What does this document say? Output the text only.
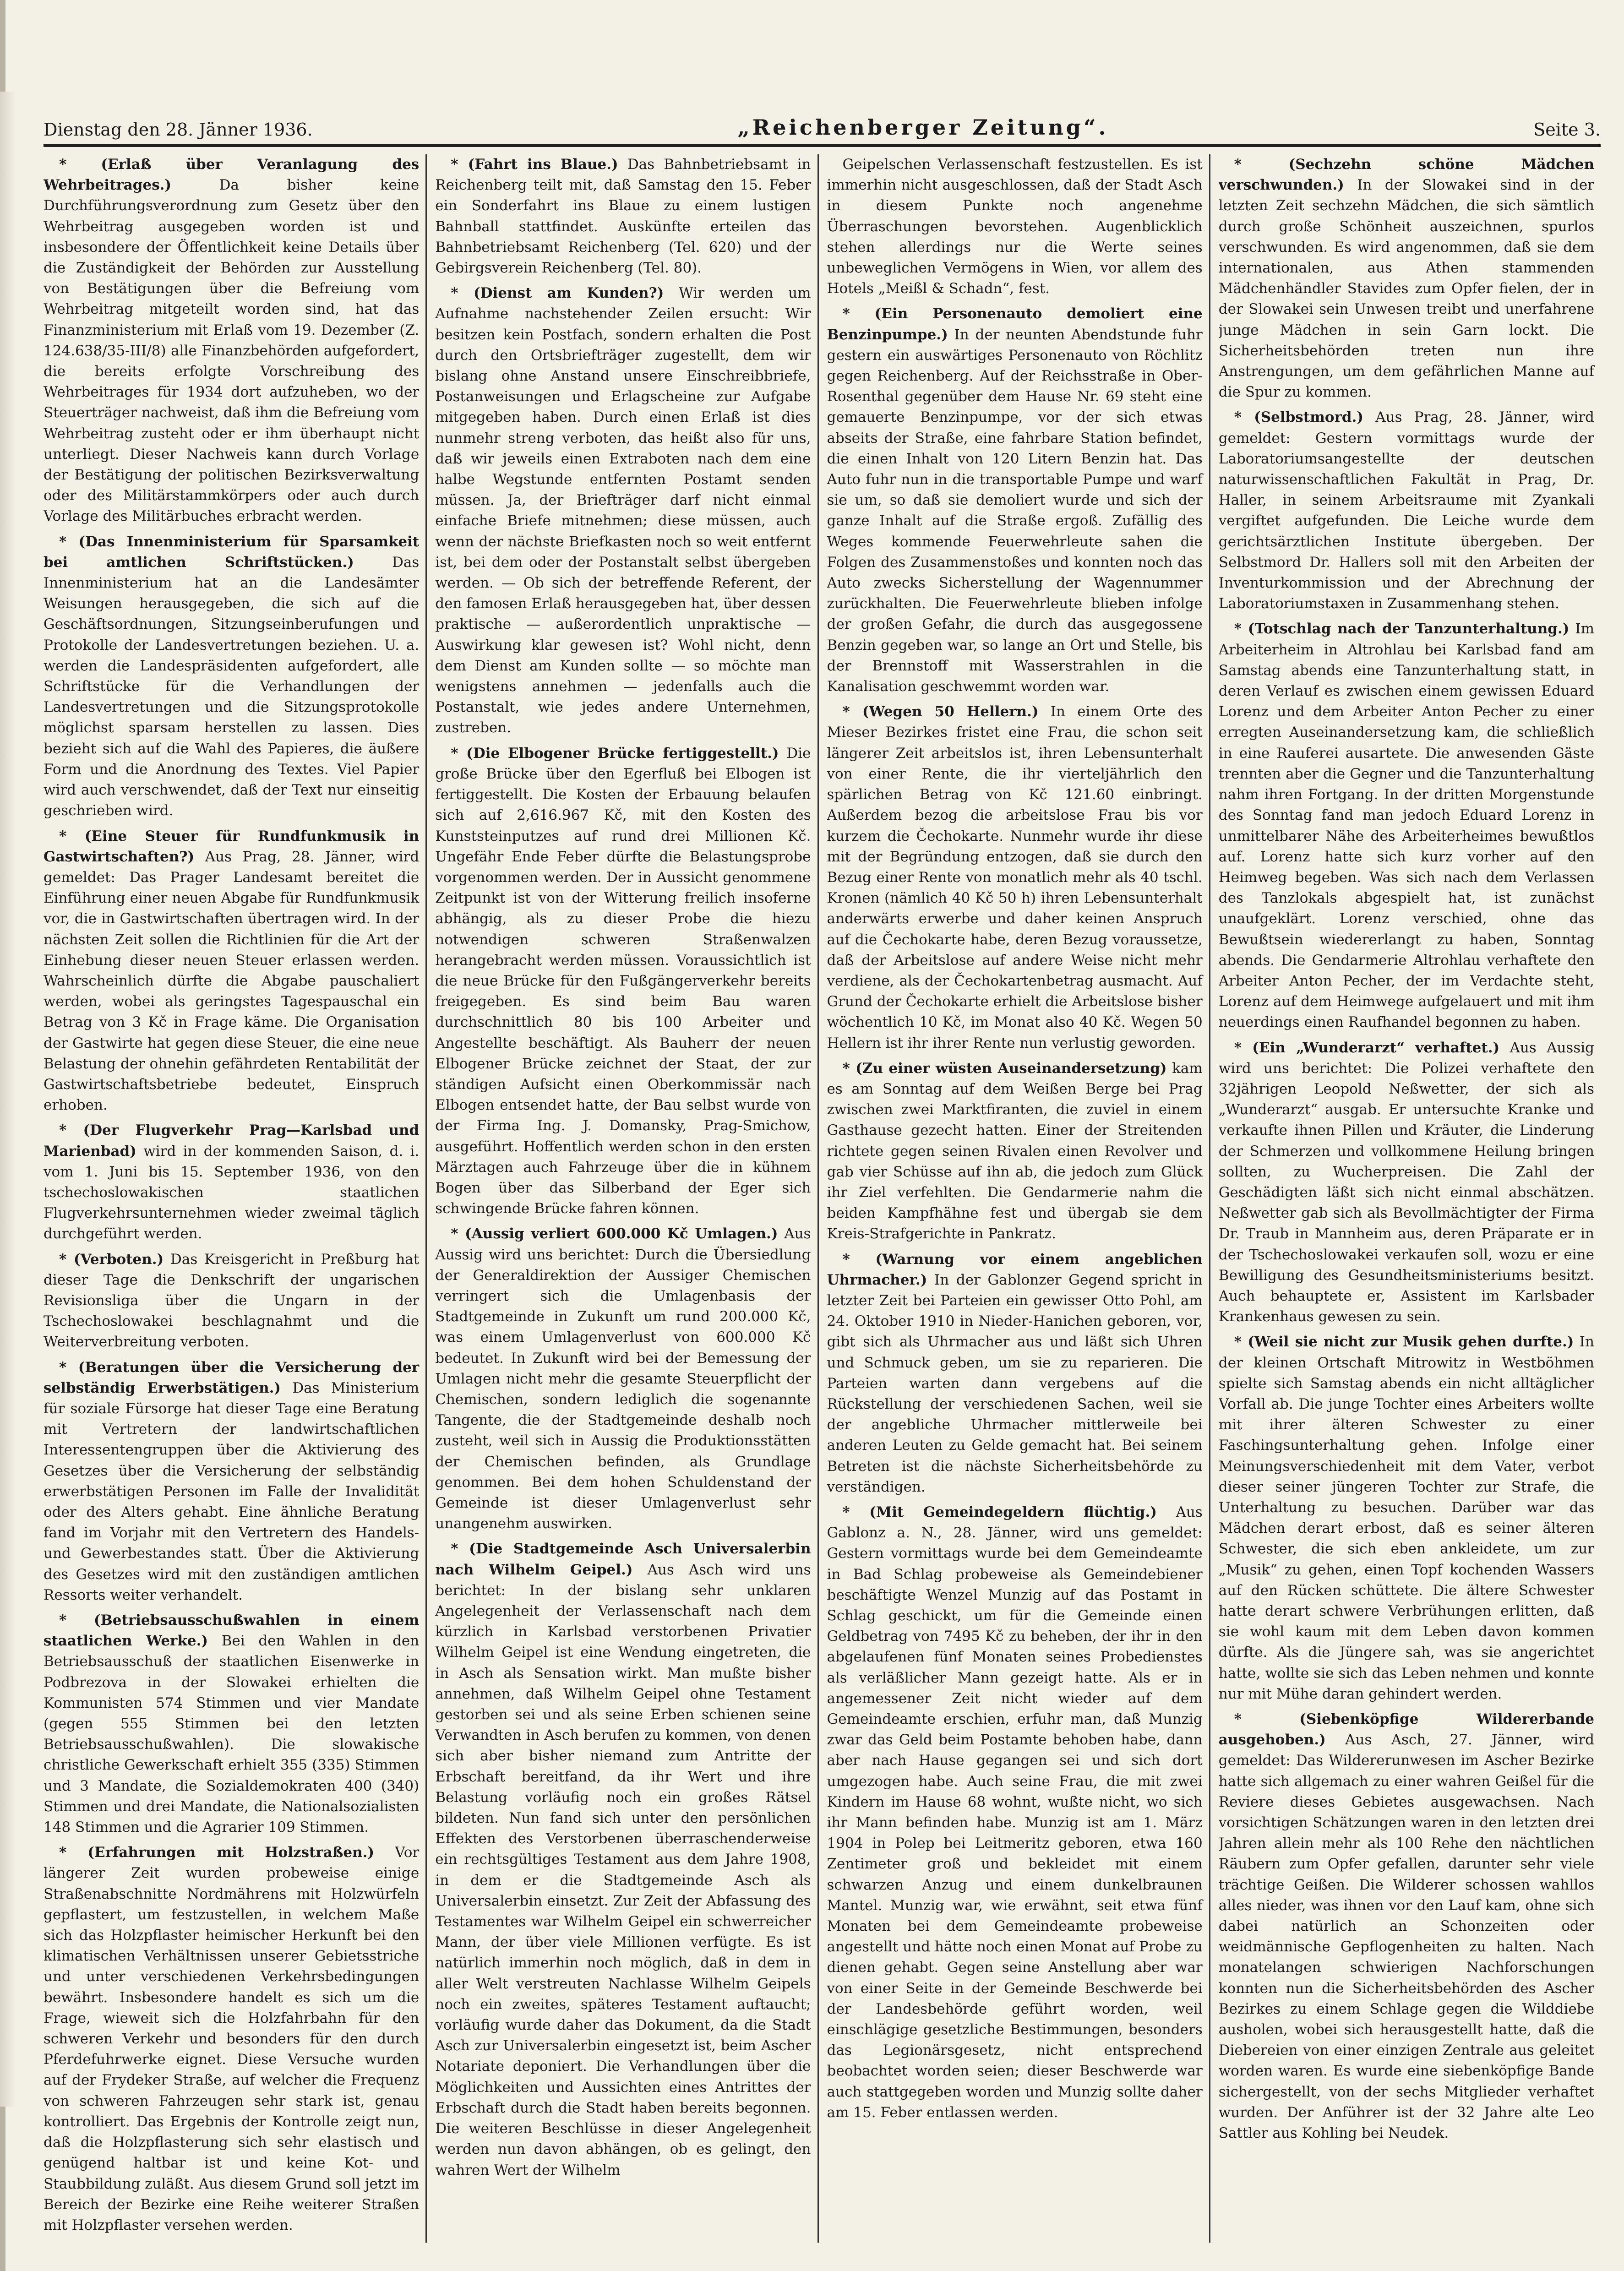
Dienstag den 28. Jänner 1936.	„Reichenberger Zeitung“.	Seite 3.

* (Erlaß über Veranlagung des Wehrbeitrages.)	Da bisher keine Durchführungsverordnung zum Gesetz über den Wehrbeitrag ausgegeben worden ist und insbesondere der Öffentlichkeit keine Details über die Zuständigkeit der Behörden zur Ausstellung von Bestätigungen über die Befreiung vom Wehrbeitrag mitgeteilt worden sind, hat das Finanzministerium mit Erlaß vom 19. Dezember (Z. 124.638/35-III/8) alle Finanzbehörden aufgefordert, die bereits erfolgte Vorschreibung des Wehrbeitrages für 1934 dort aufzuheben, wo der Steuerträger nachweist, daß ihm die Befreiung vom Wehrbeitrag zusteht oder er ihm überhaupt nicht unterliegt. Dieser Nachweis kann durch Vorlage der Bestätigung der politischen Bezirksverwaltung oder des Militärstammkörpers oder auch durch Vorlage des Militärbuches erbracht werden.

* (Das Innenministerium für Sparsamkeit bei amtlichen Schriftstücken.)	Das Innenministerium hat an die Landesämter Weisungen herausgegeben, die sich auf die Geschäftsordnungen, Sitzungseinberufungen und Protokolle der Landesvertretungen beziehen. U. a. werden die Landespräsidenten aufgefordert, alle Schriftstücke für die Verhandlungen der Landesvertretungen und die Sitzungsprotokolle möglichst sparsam herstellen zu lassen. Dies bezieht sich auf die Wahl des Papieres, die äußere Form und die Anordnung des Textes. Viel Papier wird auch verschwendet, daß der Text nur einseitig geschrieben wird.

* (Eine Steuer für Rundfunkmusik in Gastwirtschaften?) Aus Prag, 28. Jänner, wird gemeldet: Das Prager Landesamt bereitet die Einführung einer neuen Abgabe für Rundfunkmusik vor, die in Gastwirtschaften übertragen wird. In der nächsten Zeit sollen die Richtlinien für die Art der Einhebung dieser neuen Steuer erlassen werden. Wahrscheinlich dürfte die Abgabe pauschaliert werden, wobei als geringstes Tagespauschal ein Betrag von 3 Kč in Frage käme. Die Organisation der Gastwirte hat gegen diese Steuer, die eine neue Belastung der ohnehin gefährdeten Rentabilität der Gastwirtschaftsbetriebe bedeutet, Einspruch erhoben.

* (Der Flugverkehr Prag—Karlsbad und Marienbad) wird in der kommenden Saison, d. i. vom 1. Juni bis 15. September 1936, von den tschechoslowakischen staatlichen Flugverkehrsunternehmen wieder zweimal täglich durchgeführt werden.

* (Verboten.) Das Kreisgericht in Preßburg hat dieser Tage die Denkschrift der ungarischen Revisionsliga über die Ungarn in der Tschechoslowakei beschlagnahmt und die Weiterverbreitung verboten.

* (Beratungen über die Versicherung der selbständig Erwerbstätigen.) Das Ministerium für soziale Fürsorge hat dieser Tage eine Beratung mit Vertretern der landwirtschaftlichen Interessentengruppen über die Aktivierung des Gesetzes über die Versicherung der selbständig erwerbstätigen Personen im Falle der Invalidität oder des Alters gehabt. Eine ähnliche Beratung fand im Vorjahr mit den Vertretern des Handels- und Gewerbestandes statt. Über die Aktivierung des Gesetzes wird mit den zuständigen amtlichen Ressorts weiter verhandelt.

* (Betriebsausschußwahlen in einem staatlichen Werke.) Bei den Wahlen in den Betriebsausschuß der staatlichen Eisenwerke in Podbrezova in der Slowakei erhielten die Kommunisten 574 Stimmen und vier Mandate (gegen 555 Stimmen bei den letzten Betriebsausschußwahlen). Die slowakische christliche Gewerkschaft erhielt 355 (335) Stimmen und 3 Mandate, die Sozialdemokraten 400 (340) Stimmen und drei Mandate, die Nationalsozialisten 148 Stimmen und die Agrarier 109 Stimmen.

* (Erfahrungen mit Holzstraßen.) Vor längerer Zeit wurden probeweise einige Straßenabschnitte Nordmährens mit Holzwürfeln gepflastert, um festzustellen, in welchem Maße sich das Holzpflaster heimischer Herkunft bei den klimatischen Verhältnissen unserer Gebietsstriche und unter verschiedenen Verkehrsbedingungen bewährt. Insbesondere handelt es sich um die Frage, wieweit sich die Holzfahrbahn für den schweren Verkehr und besonders für den durch Pferdefuhrwerke eignet. Diese Versuche wurden auf der Frydeker Straße, auf welcher die Frequenz von schweren Fahrzeugen sehr stark ist, genau kontrolliert. Das Ergebnis der Kontrolle zeigt nun, daß die Holzpflasterung sich sehr elastisch und genügend haltbar ist und keine Kot- und Staubbildung zuläßt. Aus diesem Grund soll jetzt im Bereich der Bezirke eine Reihe weiterer Straßen mit Holzpflaster versehen werden.

* (Fahrt ins Blaue.) Das Bahnbetriebsamt in Reichenberg teilt mit, daß Samstag den 15. Feber ein Sonderfahrt ins Blaue zu einem lustigen Bahnball stattfindet. Auskünfte erteilen das Bahnbetriebsamt Reichenberg (Tel. 620) und der Gebirgsverein Reichenberg (Tel. 80).

* (Dienst am Kunden?) Wir werden um Aufnahme nachstehender Zeilen ersucht: Wir besitzen kein Postfach, sondern erhalten die Post durch den Ortsbriefträger zugestellt, dem wir bislang ohne Anstand unsere Einschreibbriefe, Postanweisungen und Erlagscheine zur Aufgabe mitgegeben haben. Durch einen Erlaß ist dies nunmehr streng verboten, das heißt also für uns, daß wir jeweils einen Extraboten nach dem eine halbe Wegstunde entfernten Postamt senden müssen. Ja, der Briefträger darf nicht einmal einfache Briefe mitnehmen; diese müssen, auch wenn der nächste Briefkasten noch so weit entfernt ist, bei dem oder der Postanstalt selbst übergeben werden. — Ob sich der betreffende Referent, der den famosen Erlaß herausgegeben hat, über dessen praktische — außerordentlich unpraktische — Auswirkung klar gewesen ist? Wohl nicht, denn dem Dienst am Kunden sollte — so möchte man wenigstens annehmen — jedenfalls auch die Postanstalt, wie jedes andere Unternehmen, zustreben.

* (Die Elbogener Brücke fertiggestellt.) Die große Brücke über den Egerfluß bei Elbogen ist fertiggestellt. Die Kosten der Erbauung belaufen sich auf 2,616.967 Kč, mit den Kosten des Kunststeinputzes auf rund drei Millionen Kč. Ungefähr Ende Feber dürfte die Belastungsprobe vorgenommen werden. Der in Aussicht genommene Zeitpunkt ist von der Witterung freilich insoferne abhängig, als zu dieser Probe die hiezu notwendigen schweren Straßenwalzen herangebracht werden müssen. Voraussichtlich ist die neue Brücke für den Fußgängerverkehr bereits freigegeben. Es sind beim Bau waren durchschnittlich 80 bis 100 Arbeiter und Angestellte beschäftigt. Als Bauherr der neuen Elbogener Brücke zeichnet der Staat, der zur ständigen Aufsicht einen Oberkommissär nach Elbogen entsendet hatte, der Bau selbst wurde von der Firma Ing. J. Domansky, Prag-Smichow, ausgeführt. Hoffentlich werden schon in den ersten Märztagen auch Fahrzeuge über die in kühnem Bogen über das Silberband der Eger sich schwingende Brücke fahren können.

* (Aussig verliert 600.000 Kč Umlagen.) Aus Aussig wird uns berichtet: Durch die Übersiedlung der Generaldirektion der Aussiger Chemischen verringert sich die Umlagenbasis der Stadtgemeinde in Zukunft um rund 200.000 Kč, was einem Umlagenverlust von 600.000 Kč bedeutet. In Zukunft wird bei der Bemessung der Umlagen nicht mehr die gesamte Steuerpflicht der Chemischen, sondern lediglich die sogenannte Tangente, die der Stadtgemeinde deshalb noch zusteht, weil sich in Aussig die Produktionsstätten der Chemischen befinden, als Grundlage genommen. Bei dem hohen Schuldenstand der Gemeinde ist dieser Umlagenverlust sehr unangenehm auswirken.

* (Die Stadtgemeinde Asch Universalerbin nach Wilhelm Geipel.) Aus Asch wird uns berichtet: In der bislang sehr unklaren Angelegenheit der Verlassenschaft nach dem kürzlich in Karlsbad verstorbenen Privatier Wilhelm Geipel ist eine Wendung eingetreten, die in Asch als Sensation wirkt. Man mußte bisher annehmen, daß Wilhelm Geipel ohne Testament gestorben sei und als seine Erben schienen seine Verwandten in Asch berufen zu kommen, von denen sich aber bisher niemand zum Antritte der Erbschaft bereitfand, da ihr Wert und ihre Belastung vorläufig noch ein großes Rätsel bildeten. Nun fand sich unter den persönlichen Effekten des Verstorbenen überraschenderweise ein rechtsgültiges Testament aus dem Jahre 1908, in dem er die Stadtgemeinde Asch als Universalerbin einsetzt. Zur Zeit der Abfassung des Testamentes war Wilhelm Geipel ein schwerreicher Mann, der über viele Millionen verfügte. Es ist natürlich immerhin noch möglich, daß in dem in aller Welt verstreuten Nachlasse Wilhelm Geipels noch ein zweites, späteres Testament auftaucht; vorläufig wurde daher das Dokument, da die Stadt Asch zur Universalerbin eingesetzt ist, beim Ascher Notariate deponiert. Die Verhandlungen über die Möglichkeiten und Aussichten eines Antrittes der Erbschaft durch die Stadt haben bereits begonnen. Die weiteren Beschlüsse in dieser Angelegenheit werden nun davon abhängen, ob es gelingt, den wahren Wert der Wilhelm

Geipelschen Verlassenschaft festzustellen. Es ist immerhin nicht ausgeschlossen, daß der Stadt Asch in diesem Punkte noch angenehme Überraschungen bevorstehen. Augenblicklich stehen allerdings nur die Werte seines unbeweglichen Vermögens in Wien, vor allem des Hotels „Meißl & Schadn“, fest.

* (Ein Personenauto demoliert eine Benzinpumpe.) In der neunten Abendstunde fuhr gestern ein auswärtiges Personenauto von Röchlitz gegen Reichenberg. Auf der Reichsstraße in Ober-Rosenthal gegenüber dem Hause Nr. 69 steht eine gemauerte Benzinpumpe, vor der sich etwas abseits der Straße, eine fahrbare Station befindet, die einen Inhalt von 120 Litern Benzin hat. Das Auto fuhr nun in die transportable Pumpe und warf sie um, so daß sie demoliert wurde und sich der ganze Inhalt auf die Straße ergoß. Zufällig des Weges kommende Feuerwehrleute sahen die Folgen des Zusammenstoßes und konnten noch das Auto zwecks Sicherstellung der Wagennummer zurückhalten. Die Feuerwehrleute blieben infolge der großen Gefahr, die durch das ausgegossene Benzin gegeben war, so lange an Ort und Stelle, bis der Brennstoff mit Wasserstrahlen in die Kanalisation geschwemmt worden war.

* (Wegen 50 Hellern.) In einem Orte des Mieser Bezirkes fristet eine Frau, die schon seit längerer Zeit arbeitslos ist, ihren Lebensunterhalt von einer Rente, die ihr vierteljährlich den spärlichen Betrag von Kč 121.60 einbringt. Außerdem bezog die arbeitslose Frau bis vor kurzem die Čechokarte. Nunmehr wurde ihr diese mit der Begründung entzogen, daß sie durch den Bezug einer Rente von monatlich mehr als 40 tschl. Kronen (nämlich 40 Kč 50 h) ihren Lebensunterhalt anderwärts erwerbe und daher keinen Anspruch auf die Čechokarte habe, deren Bezug voraussetze, daß der Arbeitslose auf andere Weise nicht mehr verdiene, als der Čechokartenbetrag ausmacht. Auf Grund der Čechokarte erhielt die Arbeitslose bisher wöchentlich 10 Kč, im Monat also 40 Kč. Wegen 50 Hellern ist ihr ihrer Rente nun verlustig geworden.

* (Zu einer wüsten Auseinandersetzung) kam es am Sonntag auf dem Weißen Berge bei Prag zwischen zwei Marktfiranten, die zuviel in einem Gasthause gezecht hatten. Einer der Streitenden richtete gegen seinen Rivalen einen Revolver und gab vier Schüsse auf ihn ab, die jedoch zum Glück ihr Ziel verfehlten. Die Gendarmerie nahm die beiden Kampfhähne fest und übergab sie dem Kreis-Strafgerichte in Pankratz.

* (Warnung vor einem angeblichen Uhrmacher.) In der Gablonzer Gegend spricht in letzter Zeit bei Parteien ein gewisser Otto Pohl, am 24. Oktober 1910 in Nieder-Hanichen geboren, vor, gibt sich als Uhrmacher aus und läßt sich Uhren und Schmuck geben, um sie zu reparieren. Die Parteien warten dann vergebens auf die Rückstellung der verschiedenen Sachen, weil sie der angebliche Uhrmacher mittlerweile bei anderen Leuten zu Gelde gemacht hat. Bei seinem Betreten ist die nächste Sicherheitsbehörde zu verständigen.

* (Mit Gemeindegeldern flüchtig.) Aus Gablonz a. N., 28. Jänner, wird uns gemeldet: Gestern vormittags wurde bei dem Gemeindeamte in Bad Schlag probeweise als Gemeindebiener beschäftigte Wenzel Munzig auf das Postamt in Schlag geschickt, um für die Gemeinde einen Geldbetrag von 7495 Kč zu beheben, der ihr in den abgelaufenen fünf Monaten seines Probedienstes als verläßlicher Mann gezeigt hatte. Als er in angemessener Zeit nicht wieder auf dem Gemeindeamte erschien, erfuhr man, daß Munzig zwar das Geld beim Postamte behoben habe, dann aber nach Hause gegangen sei und sich dort umgezogen habe. Auch seine Frau, die mit zwei Kindern im Hause 68 wohnt, wußte nicht, wo sich ihr Mann befinden habe. Munzig ist am 1. März 1904 in Polep bei Leitmeritz geboren, etwa 160 Zentimeter groß und bekleidet mit einem schwarzen Anzug und einem dunkelbraunen Mantel. Munzig war, wie erwähnt, seit etwa fünf Monaten bei dem Gemeindeamte probeweise angestellt und hätte noch einen Monat auf Probe zu dienen gehabt. Gegen seine Anstellung aber war von einer Seite in der Gemeinde Beschwerde bei der Landesbehörde geführt worden, weil einschlägige gesetzliche Bestimmungen, besonders das Legionärsgesetz, nicht entsprechend beobachtet worden seien; dieser Beschwerde war auch stattgegeben worden und Munzig sollte daher am 15. Feber entlassen werden.

* (Sechzehn schöne Mädchen verschwunden.) In der Slowakei sind in der letzten Zeit sechzehn Mädchen, die sich sämtlich durch große Schönheit auszeichnen, spurlos verschwunden. Es wird angenommen, daß sie dem internationalen, aus Athen stammenden Mädchenhändler Stavides zum Opfer fielen, der in der Slowakei sein Unwesen treibt und unerfahrene junge Mädchen in sein Garn lockt. Die Sicherheitsbehörden treten nun ihre Anstrengungen, um dem gefährlichen Manne auf die Spur zu kommen.

* (Selbstmord.) Aus Prag, 28. Jänner, wird gemeldet: Gestern vormittags wurde der Laboratoriumsangestellte der deutschen naturwissenschaftlichen Fakultät in Prag, Dr. Haller, in seinem Arbeitsraume mit Zyankali vergiftet aufgefunden. Die Leiche wurde dem gerichtsärztlichen Institute übergeben. Der Selbstmord Dr. Hallers soll mit den Arbeiten der Inventurkommission und der Abrechnung der Laboratoriumstaxen in Zusammenhang stehen.

* (Totschlag nach der Tanzunterhaltung.) Im Arbeiterheim in Altrohlau bei Karlsbad fand am Samstag abends eine Tanzunterhaltung statt, in deren Verlauf es zwischen einem gewissen Eduard Lorenz und dem Arbeiter Anton Pecher zu einer erregten Auseinandersetzung kam, die schließlich in eine Rauferei ausartete. Die anwesenden Gäste trennten aber die Gegner und die Tanzunterhaltung nahm ihren Fortgang. In der dritten Morgenstunde des Sonntag fand man jedoch Eduard Lorenz in unmittelbarer Nähe des Arbeiterheimes bewußtlos auf. Lorenz hatte sich kurz vorher auf den Heimweg begeben. Was sich nach dem Verlassen des Tanzlokals abgespielt hat, ist zunächst unaufgeklärt. Lorenz verschied, ohne das Bewußtsein wiedererlangt zu haben, Sonntag abends. Die Gendarmerie Altrohlau verhaftete den Arbeiter Anton Pecher, der im Verdachte steht, Lorenz auf dem Heimwege aufgelauert und mit ihm neuerdings einen Raufhandel begonnen zu haben.

* (Ein „Wunderarzt“ verhaftet.) Aus Aussig wird uns berichtet: Die Polizei verhaftete den 32jährigen Leopold Neßwetter, der sich als „Wunderarzt“ ausgab. Er untersuchte Kranke und verkaufte ihnen Pillen und Kräuter, die Linderung der Schmerzen und vollkommene Heilung bringen sollten, zu Wucherpreisen. Die Zahl der Geschädigten läßt sich nicht einmal abschätzen. Neßwetter gab sich als Bevollmächtigter der Firma Dr. Traub in Mannheim aus, deren Präparate er in der Tschechoslowakei verkaufen soll, wozu er eine Bewilligung des Gesundheitsministeriums besitzt. Auch behauptete er, Assistent im Karlsbader Krankenhaus gewesen zu sein.

* (Weil sie nicht zur Musik gehen durfte.) In der kleinen Ortschaft Mitrowitz in Westböhmen spielte sich Samstag abends ein nicht alltäglicher Vorfall ab. Die junge Tochter eines Arbeiters wollte mit ihrer älteren Schwester zu einer Faschingsunterhaltung gehen. Infolge einer Meinungsverschiedenheit mit dem Vater, verbot dieser seiner jüngeren Tochter zur Strafe, die Unterhaltung zu besuchen. Darüber war das Mädchen derart erbost, daß es seiner älteren Schwester, die sich eben ankleidete, um zur „Musik“ zu gehen, einen Topf kochenden Wassers auf den Rücken schüttete. Die ältere Schwester hatte derart schwere Verbrühungen erlitten, daß sie wohl kaum mit dem Leben davon kommen dürfte. Als die Jüngere sah, was sie angerichtet hatte, wollte sie sich das Leben nehmen und konnte nur mit Mühe daran gehindert werden.

* (Siebenköpfige Wildererbande ausgehoben.) Aus Asch, 27. Jänner, wird gemeldet: Das Wildererunwesen im Ascher Bezirke hatte sich allgemach zu einer wahren Geißel für die Reviere dieses Gebietes ausgewachsen. Nach vorsichtigen Schätzungen waren in den letzten drei Jahren allein mehr als 100 Rehe den nächtlichen Räubern zum Opfer gefallen, darunter sehr viele trächtige Geißen. Die Wilderer schossen wahllos alles nieder, was ihnen vor den Lauf kam, ohne sich dabei natürlich an Schonzeiten oder weidmännische Gepflogenheiten zu halten. Nach monatelangen schwierigen Nachforschungen konnten nun die Sicherheitsbehörden des Ascher Bezirkes zu einem Schlage gegen die Wilddiebe ausholen, wobei sich herausgestellt hatte, daß die Diebereien von einer einzigen Zentrale aus geleitet worden waren. Es wurde eine siebenköpfige Bande sichergestellt, von der sechs Mitglieder verhaftet wurden. Der Anführer ist der 32 Jahre alte Leo Sattler aus Kohling bei Neudek.
